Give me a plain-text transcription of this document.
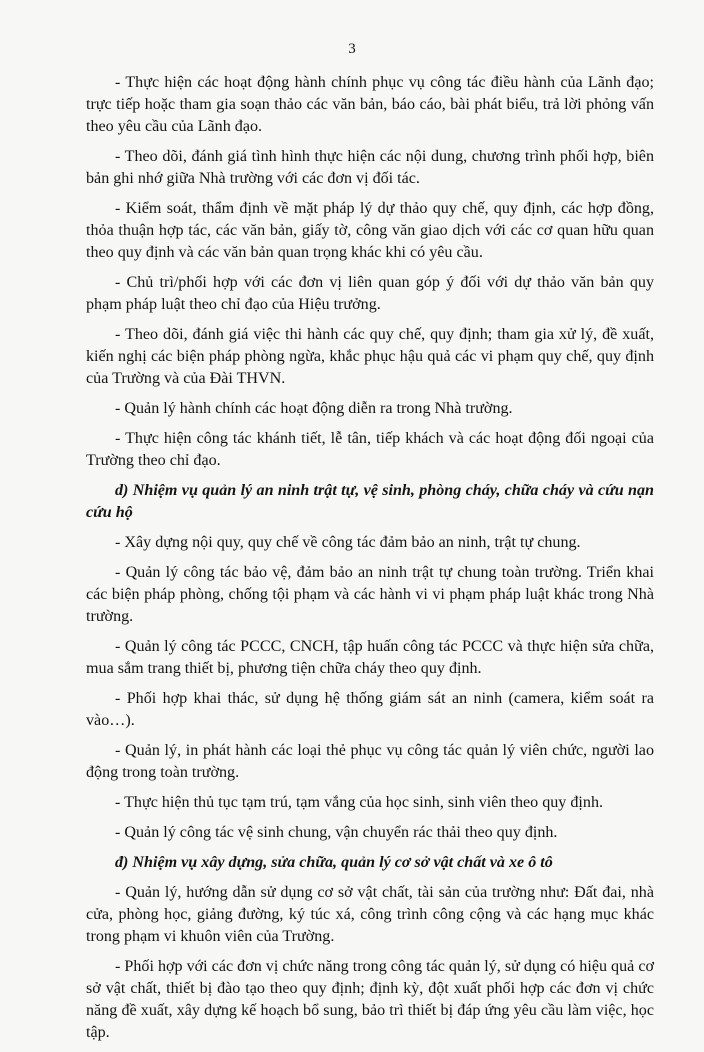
3

- Thực hiện các hoạt động hành chính phục vụ công tác điều hành của Lãnh đạo; trực tiếp hoặc tham gia soạn thảo các văn bản, báo cáo, bài phát biểu, trả lời phỏng vấn theo yêu cầu của Lãnh đạo.

- Theo dõi, đánh giá tình hình thực hiện các nội dung, chương trình phối hợp, biên bản ghi nhớ giữa Nhà trường với các đơn vị đối tác.

- Kiểm soát, thẩm định về mặt pháp lý dự thảo quy chế, quy định, các hợp đồng, thỏa thuận hợp tác, các văn bản, giấy tờ, công văn giao dịch với các cơ quan hữu quan theo quy định và các văn bản quan trọng khác khi có yêu cầu.

- Chủ trì/phối hợp với các đơn vị liên quan góp ý đối với dự thảo văn bản quy phạm pháp luật theo chỉ đạo của Hiệu trưởng.

- Theo dõi, đánh giá việc thi hành các quy chế, quy định; tham gia xử lý, đề xuất, kiến nghị các biện pháp phòng ngừa, khắc phục hậu quả các vi phạm quy chế, quy định của Trường và của Đài THVN.

- Quản lý hành chính các hoạt động diễn ra trong Nhà trường.

- Thực hiện công tác khánh tiết, lễ tân, tiếp khách và các hoạt động đối ngoại của Trường theo chỉ đạo.

d) Nhiệm vụ quản lý an ninh trật tự, vệ sinh, phòng cháy, chữa cháy và cứu nạn cứu hộ

- Xây dựng nội quy, quy chế về công tác đảm bảo an ninh, trật tự chung.

- Quản lý công tác bảo vệ, đảm bảo an ninh trật tự chung toàn trường. Triển khai các biện pháp phòng, chống tội phạm và các hành vi vi phạm pháp luật khác trong Nhà trường.

- Quản lý công tác PCCC, CNCH, tập huấn công tác PCCC và thực hiện sửa chữa, mua sắm trang thiết bị, phương tiện chữa cháy theo quy định.

- Phối hợp khai thác, sử dụng hệ thống giám sát an ninh (camera, kiểm soát ra vào…).

- Quản lý, in phát hành các loại thẻ phục vụ công tác quản lý viên chức, người lao động trong toàn trường.

- Thực hiện thủ tục tạm trú, tạm vắng của học sinh, sinh viên theo quy định.

- Quản lý công tác vệ sinh chung, vận chuyển rác thải theo quy định.

đ) Nhiệm vụ xây dựng, sửa chữa, quản lý cơ sở vật chất và xe ô tô

- Quản lý, hướng dẫn sử dụng cơ sở vật chất, tài sản của trường như: Đất đai, nhà cửa, phòng học, giảng đường, ký túc xá, công trình công cộng và các hạng mục khác trong phạm vi khuôn viên của Trường.

- Phối hợp với các đơn vị chức năng trong công tác quản lý, sử dụng có hiệu quả cơ sở vật chất, thiết bị đào tạo theo quy định; định kỳ, đột xuất phối hợp các đơn vị chức năng đề xuất, xây dựng kế hoạch bổ sung, bảo trì thiết bị đáp ứng yêu cầu làm việc, học tập.
